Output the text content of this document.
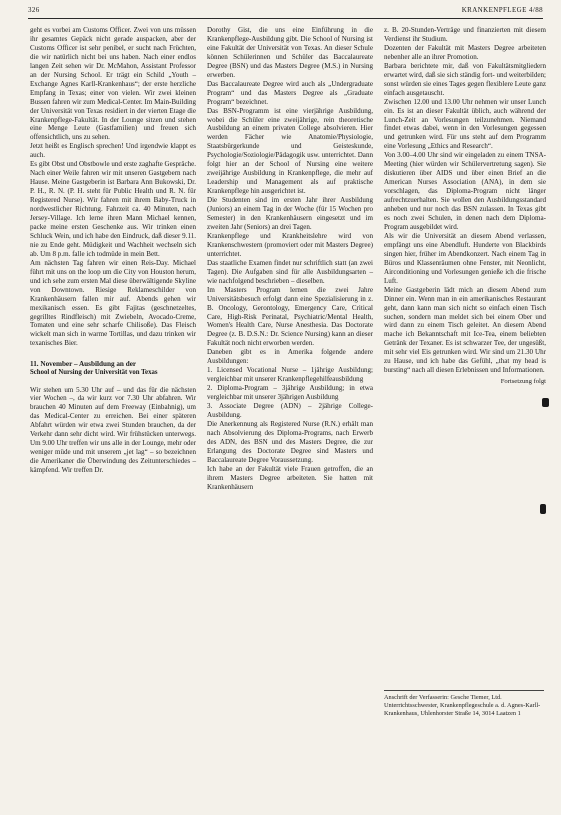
326	KRANKENPFLEGE 4/88

geht es vorbei am Customs Officer. Zwei von uns müssen ihr gesamtes Gepäck nicht gerade auspacken, aber der Customs Officer ist sehr penibel, er sucht nach Früchten, die wir natürlich nicht bei uns haben. Nach einer endlos langen Zeit sehen wir Dr. McMahon, Assistant Professor an der Nursing School. Er trägt ein Schild „Youth – Exchange Agnes Karll-Krankenhaus“; der erste herzliche Empfang in Texas; einer von vielen. Wir zwei kleinen Bussen fahren wir zum Medical-Center. Im Main-Building der Universität von Texas residiert in der vierten Etage die Krankenpflege-Fakultät. In der Lounge sitzen und stehen eine Menge Leute (Gastfamilien) und freuen sich offensichtlich, uns zu sehen.

Jetzt heißt es Englisch sprechen! Und irgendwie klappt es auch.

Es gibt Obst und Obstbowle und erste zaghafte Gespräche. Nach einer Weile fahren wir mit unseren Gastgebern nach Hause. Meine Gastgeberin ist Barbara Ann Bukowski, Dr. P. H., R. N. (P. H. steht für Public Health und R. N. für Registered Nurse). Wir fahren mit ihrem Baby-Truck in nordwestlicher Richtung. Fahrzeit ca. 40 Minuten, nach Jersey-Village. Ich lerne ihren Mann Michael kennen, packe meine ersten Geschenke aus. Wir trinken einen Schluck Wein, und ich habe den Eindruck, daß dieser 9.11. nie zu Ende geht. Müdigkeit und Wachheit wechseln sich ab. Um 8 p.m. falle ich todmüde in mein Bett.

Am nächsten Tag fahren wir einen Reis-Day. Michael führt mit uns on the loop um die City von Houston herum, und ich sehe zum ersten Mal diese überwältigende Skyline von Downtown. Riesige Reklameschilder von Krankenhäusern fallen mir auf. Abends gehen wir mexikanisch essen. Es gibt Fajitas (geschnetzeltes, gegrilltes Rindfleisch) mit Zwiebeln, Avocado-Creme, Tomaten und eine sehr scharfe Chilisoße). Das Fleisch wickelt man sich in warme Tortillas, und dazu trinken wir texanisches Bier.

11. November – Ausbildung an der

School of Nursing der Universität von Texas

Wir stehen um 5.30 Uhr auf – und das für die nächsten vier Wochen –, da wir kurz vor 7.30 Uhr abfahren. Wir brauchen 40 Minuten auf dem Freeway (Einbahnig), um das Medical-Center zu erreichen. Bei einer späteren Abfahrt würden wir etwa zwei Stunden brauchen, da der Verkehr dann sehr dicht wird. Wir frühstücken unterwegs. Um 9.00 Uhr treffen wir uns alle in der Lounge, mehr oder weniger müde und mit unserem „jet lag“ – so bezeichnen die Amerikaner die Überwindung des Zeitunterschiedes – kämpfend. Wir treffen Dr.

Dorothy Gist, die uns eine Einführung in die Krankenpflege-Ausbildung gibt. Die School of Nursing ist eine Fakultät der Universität von Texas. An dieser Schule können Schülerinnen und Schüler das Baccalaureate Degree (BSN) und das Masters Degree (M.S.) in Nursing erwerben.

Das Baccalaureate Degree wird auch als „Undergraduate Program“ und das Masters Degree als „Graduate Program“ bezeichnet.

Das BSN-Programm ist eine vierjährige Ausbildung, wobei die Schüler eine zweijährige, rein theoretische Ausbildung an einem privaten College absolvieren. Hier werden Fächer wie Anatomie/Physiologie, Staatsbürgerkunde und Geisteskunde, Psychologie/Soziologie/Pädagogik usw. unterrichtet. Dann folgt hier an der School of Nursing eine weitere zweijährige Ausbildung in Krankenpflege, die mehr auf Leadership und Management als auf praktische Krankenpflege hin ausgerichtet ist.

Die Studenten sind im ersten Jahr ihrer Ausbildung (Juniors) an einem Tag in der Woche (für 15 Wochen pro Semester) in den Krankenhäusern eingesetzt und im zweiten Jahr (Seniors) an drei Tagen.

Krankenpflege und Krankheitslehre wird von Krankenschwestern (promoviert oder mit Masters Degree) unterrichtet.

Das staatliche Examen findet nur schriftlich statt (an zwei Tagen). Die Aufgaben sind für alle Ausbildungsarten – wie nachfolgend beschrieben – dieselben.

Im Masters Program lernen die zwei Jahre Universitätsbesuch erfolgt dann eine Spezialisierung in z. B. Oncology, Gerontology, Emergency Care, Critical Care, High-Risk Perinatal, Psychiatric/Mental Health, Women's Health Care, Nurse Anesthesia. Das Doctorate Degree (z. B. D.S.N.: Dr. Science Nursing) kann an dieser Fakultät noch nicht erworben werden.

Daneben gibt es in Amerika folgende andere Ausbildungen:

1. Licensed Vocational Nurse – 1jährige Ausbildung; vergleichbar mit unserer Krankenpflegehilfeausbildung

2. Diploma-Program – 3jährige Ausbildung; in etwa vergleichbar mit unserer 3jährigen Ausbildung

3. Associate Degree (ADN) – 2jährige College-Ausbildung.

Die Anerkennung als Registered Nurse (R.N.) erhält man nach Absolvierung des Diploma-Programs, nach Erwerb des ADN, des BSN und des Masters Degree, die zur Erlangung des Doctorate Degree sind Masters und Baccalaureate Degree Voraussetzung.

Ich habe an der Fakultät viele Frauen getroffen, die an ihrem Masters Degree arbeiteten. Sie hatten mit Krankenhäusern

z. B. 20-Stunden-Verträge und finanzierten mit diesem Verdienst ihr Studium.

Dozenten der Fakultät mit Masters Degree arbeiteten nebenher alle an ihrer Promotion.

Barbara berichtete mir, daß von Fakultätsmitgliedern erwartet wird, daß sie sich ständig fort- und weiterbilden; sonst würden sie eines Tages gegen flexiblere Leute ganz einfach ausgetauscht.

Zwischen 12.00 und 13.00 Uhr nehmen wir unser Lunch ein. Es ist an dieser Fakultät üblich, auch während der Lunch-Zeit an Vorlesungen teilzunehmen. Niemand findet etwas dabei, wenn in den Vorlesungen gegessen und getrunken wird. Für uns steht auf dem Programm eine Vorlesung „Ethics and Research“.

Von 3.00–4.00 Uhr sind wir eingeladen zu einem TNSA-Meeting (hier würden wir Schülervertretung sagen). Sie diskutieren über AIDS und über einen Brief an die American Nurses Association (ANA), in dem sie vorschlagen, das Diploma-Program nicht länger aufrechtzuerhalten. Sie wollen den Ausbildungsstandard anheben und nur noch das BSN zulassen. In Texas gibt es noch zwei Schulen, in denen nach dem Diploma-Program ausgebildet wird.

Als wir die Universität an diesem Abend verlassen, empfängt uns eine Abendluft. Hunderte von Blackbirds singen hier, früher im Abendkonzert. Nach einem Tag in Büros und Klassenräumen ohne Fenster, mit Neonlicht, Airconditioning und Vorlesungen genieße ich die frische Luft.

Meine Gastgeberin lädt mich an diesem Abend zum Dinner ein. Wenn man in ein amerikanisches Restaurant geht, dann kann man sich nicht so einfach einen Tisch suchen, sondern man meldet sich bei einem Ober und wird dann zu einem Tisch geleitet. An diesem Abend mache ich Bekanntschaft mit Ice-Tea, einem beliebten Getränk der Texaner. Es ist schwarzer Tee, der ungesüßt, mit sehr viel Eis getrunken wird. Wir sind um 21.30 Uhr zu Hause, und ich habe das Gefühl, „that my head is bursting“ nach all diesen Erlebnissen und Informationen.

Fortsetzung folgt

Anschrift der Verfasserin: Gesche Tiemer, Ltd. Unterrichtsschwester, Krankenpflegeschule a. d. Agnes-Karll-Krankenhaus, Uhlenhorster Straße 14, 3014 Laatzen 1
